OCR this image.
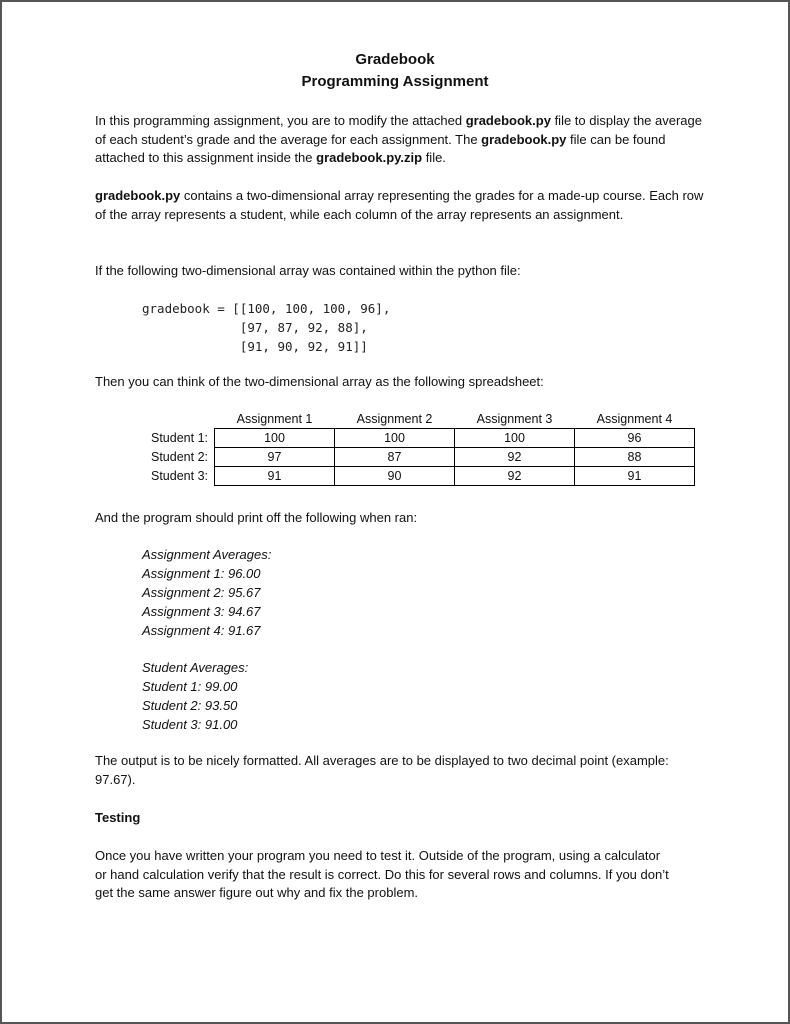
Gradebook
Programming Assignment
In this programming assignment, you are to modify the attached gradebook.py file to display the average of each student’s grade and the average for each assignment. The gradebook.py file can be found attached to this assignment inside the gradebook.py.zip file.
gradebook.py contains a two-dimensional array representing the grades for a made-up course. Each row of the array represents a student, while each column of the array represents an assignment.
If the following two-dimensional array was contained within the python file:
gradebook = [[100, 100, 100, 96],
[97, 87, 92, 88],
[91, 90, 92, 91]]
Then you can think of the two-dimensional array as the following spreadsheet:
	Assignment 1	Assignment 2	Assignment 3	Assignment 4
Student 1:	100	100	100	96
Student 2:	97	87	92	88
Student 3:	91	90	92	91
And the program should print off the following when ran:
Assignment Averages:
Assignment 1: 96.00
Assignment 2: 95.67
Assignment 3: 94.67
Assignment 4: 91.67
Student Averages:
Student 1: 99.00
Student 2: 93.50
Student 3: 91.00
The output is to be nicely formatted. All averages are to be displayed to two decimal point (example: 97.67).
Testing
Once you have written your program you need to test it. Outside of the program, using a calculator or hand calculation verify that the result is correct. Do this for several rows and columns. If you don’t get the same answer figure out why and fix the problem.
